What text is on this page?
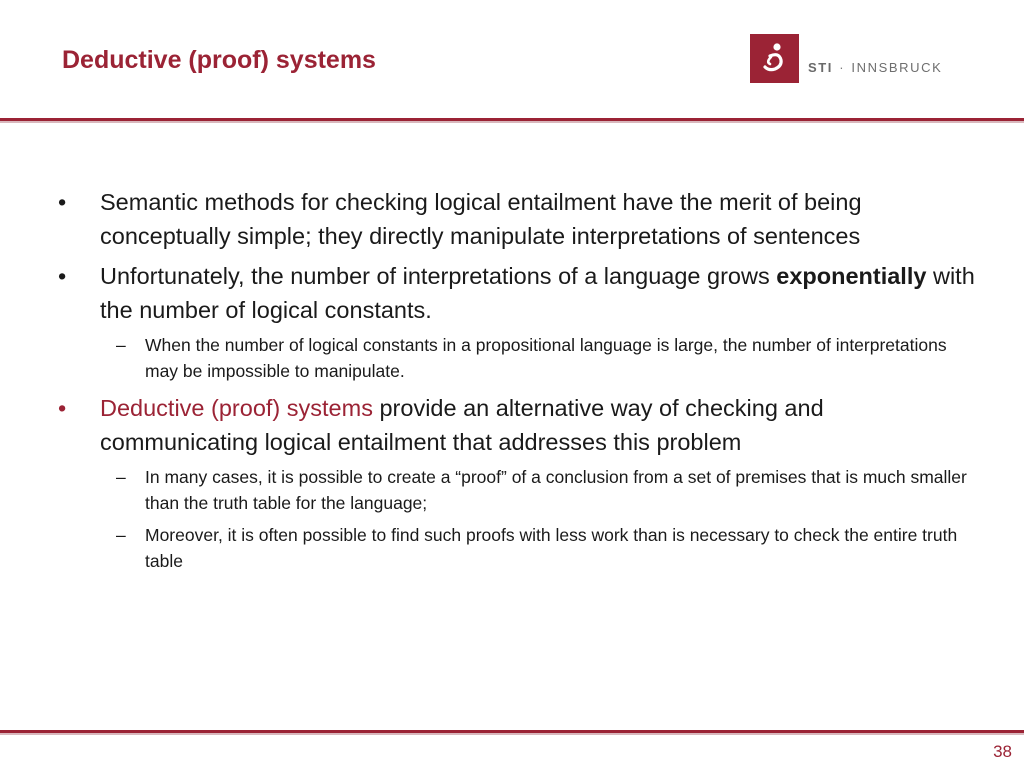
Deductive (proof) systems	STI · INNSBRUCK
• Semantic methods for checking logical entailment have the merit of being conceptually simple; they directly manipulate interpretations of sentences
• Unfortunately, the number of interpretations of a language grows exponentially with the number of logical constants.
– When the number of logical constants in a propositional language is large, the number of interpretations may be impossible to manipulate.
• Deductive (proof) systems provide an alternative way of checking and communicating logical entailment that addresses this problem
– In many cases, it is possible to create a “proof” of a conclusion from a set of premises that is much smaller than the truth table for the language;
– Moreover, it is often possible to find such proofs with less work than is necessary to check the entire truth table
38
